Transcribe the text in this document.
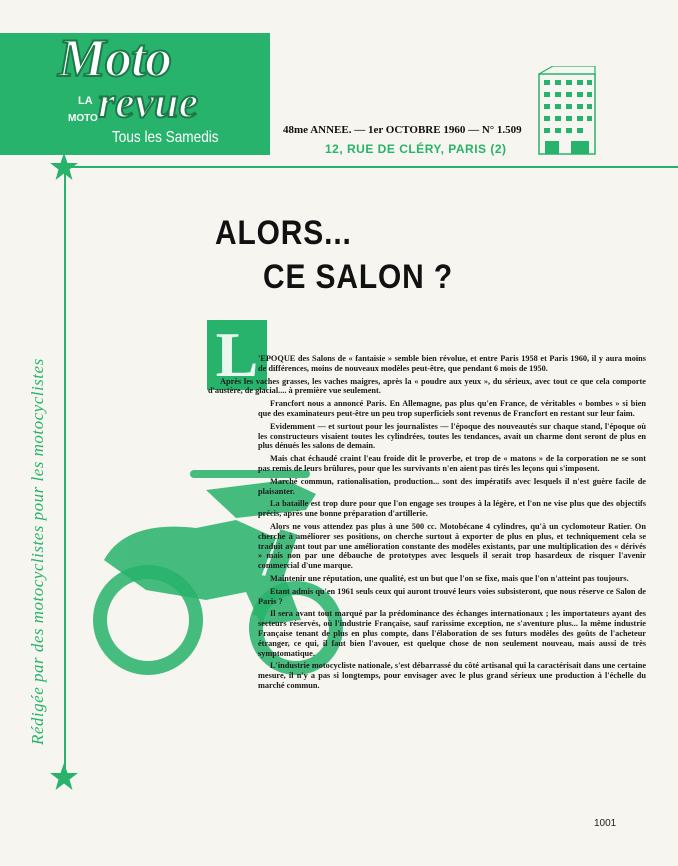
Moto
LA
MOTO revue
Tous les Samedis	48me ANNEE. — 1er OCTOBRE 1960 — N° 1.509
12, RUE DE CLÉRY, PARIS (2)
Rédigée par des motocyclistes pour les motocyclistes
ALORS...
CE SALON ?
L 'EPOQUE des Salons de « fantaisie » semble bien révolue, et entre Paris 1958 et Paris 1960, il y aura moins de différences, moins de nouveaux modèles peut-être, que pendant 6 mois de 1950.

Après les vaches grasses, les vaches maigres, après la « poudre aux yeux », du sérieux, avec tout ce que cela comporte d'austère, de glacial.... à première vue seulement.

Francfort nous a annoncé Paris. En Allemagne, pas plus qu'en France, de véritables « bombes » si bien que des examinateurs peut-être un peu trop superficiels sont revenus de Francfort en restant sur leur faim.

Evidemment — et surtout pour les journalistes — l'époque des nouveautés sur chaque stand, l'époque où les constructeurs visaient toutes les cylindrées, toutes les tendances, avait un charme dont seront de plus en plus dénués les salons de demain.

Mais chat échaudé craint l'eau froide dit le proverbe, et trop de « matons » de la corporation ne se sont pas remis de leurs brûlures, pour que les survivants n'en aient pas tirés les leçons qui s'imposent.

Marché commun, rationalisation, production... sont des impératifs avec lesquels il n'est guère facile de plaisanter.

La bataille est trop dure pour que l'on engage ses troupes à la légère, et l'on ne vise plus que des objectifs précis, après une bonne préparation d'artillerie.

Alors ne vous attendez pas plus à une 500 cc. Motobécane 4 cylindres, qu'à un cyclomoteur Ratier. On cherche à améliorer ses positions, on cherche surtout à exporter de plus en plus, et techniquement cela se traduit avant tout par une amélioration constante des modèles existants, par une multiplication des « dérivés » mais non par une débauche de prototypes avec lesquels il serait trop hasardeux de risquer l'avenir commercial d'une marque.

Maintenir une réputation, une qualité, est un but que l'on se fixe, mais que l'on n'atteint pas toujours.

Etant admis qu'en 1961 seuls ceux qui auront trouvé leurs voies subsisteront, que nous réserve ce Salon de Paris ?

Il sera avant tout marqué par la prédominance des échanges internationaux ; les importateurs ayant des secteurs réservés, où l'industrie Française, sauf rarissime exception, ne s'aventure plus... la même industrie Française tenant de plus en plus compte, dans l'élaboration de ses futurs modèles des goûts de l'acheteur étranger, ce qui, il faut bien l'avouer, est quelque chose de non seulement nouveau, mais aussi de très symptomatique.

L'industrie motocycliste nationale, s'est débarrassé du côté artisanal qui la caractérisait dans une certaine mesure, il n'y a pas si longtemps, pour envisager avec le plus grand sérieux une production à l'échelle du marché commun.

1001
